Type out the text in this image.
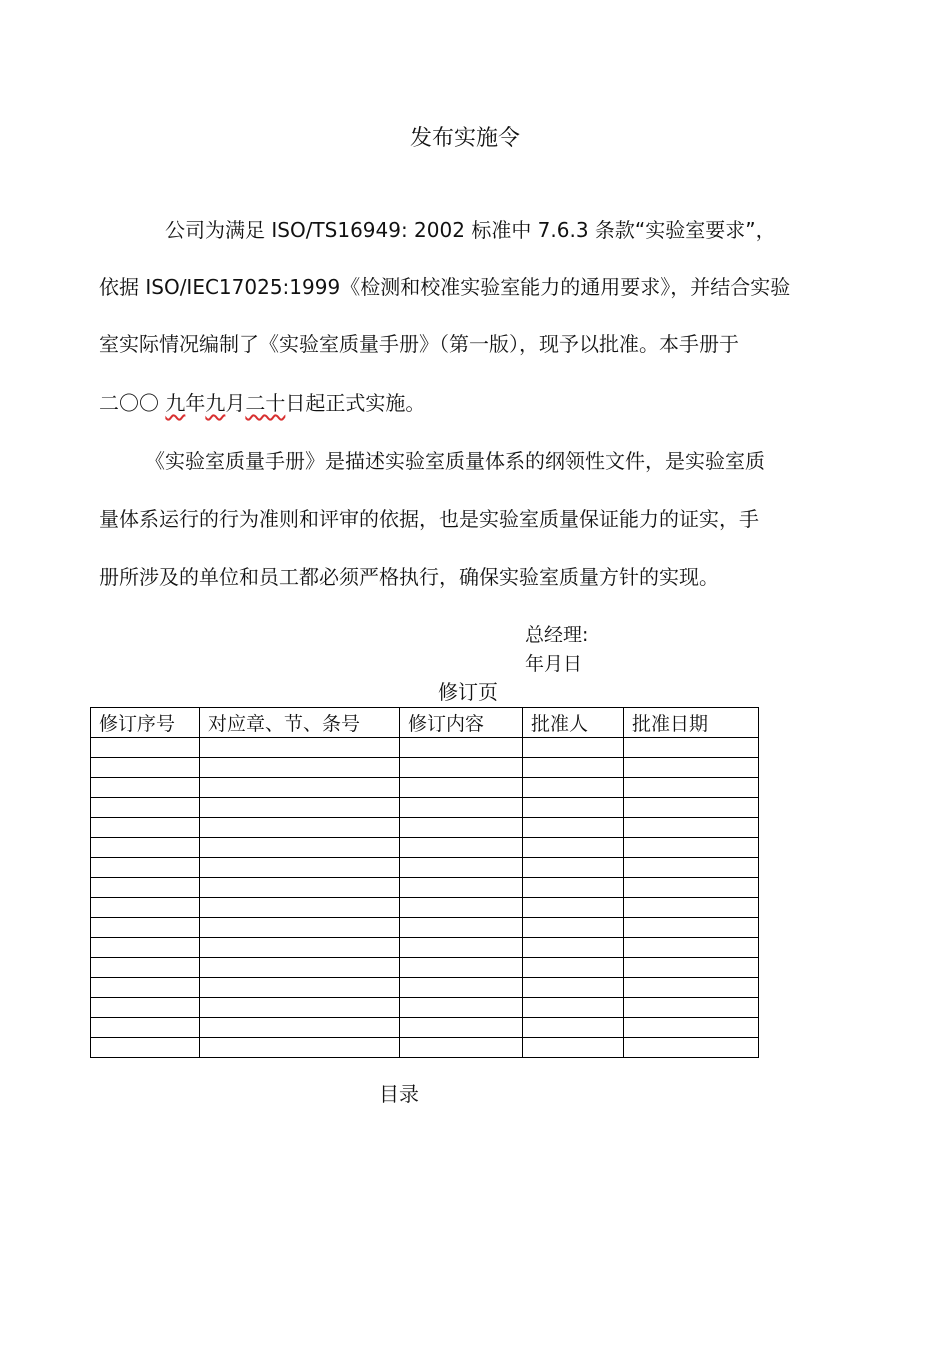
发布实施令
公司为满足 ISO/TS16949: 2002 标准中 7.6.3 条款“实验室要求”，
依据 ISO/IEC17025:1999《检测和校准实验室能力的通用要求》，并结合实验
室实际情况编制了《实验室质量手册》（第一版），现予以批准。本手册于
二〇〇 九年九月二十日起正式实施。
《实验室质量手册》是描述实验室质量体系的纲领性文件，是实验室质
量体系运行的行为准则和评审的依据，也是实验室质量保证能力的证实，手
册所涉及的单位和员工都必须严格执行，确保实验室质量方针的实现。
总经理:
年月日
修订页
修订序号	对应章、节、条号	修订内容	批准人	批准日期

目录
